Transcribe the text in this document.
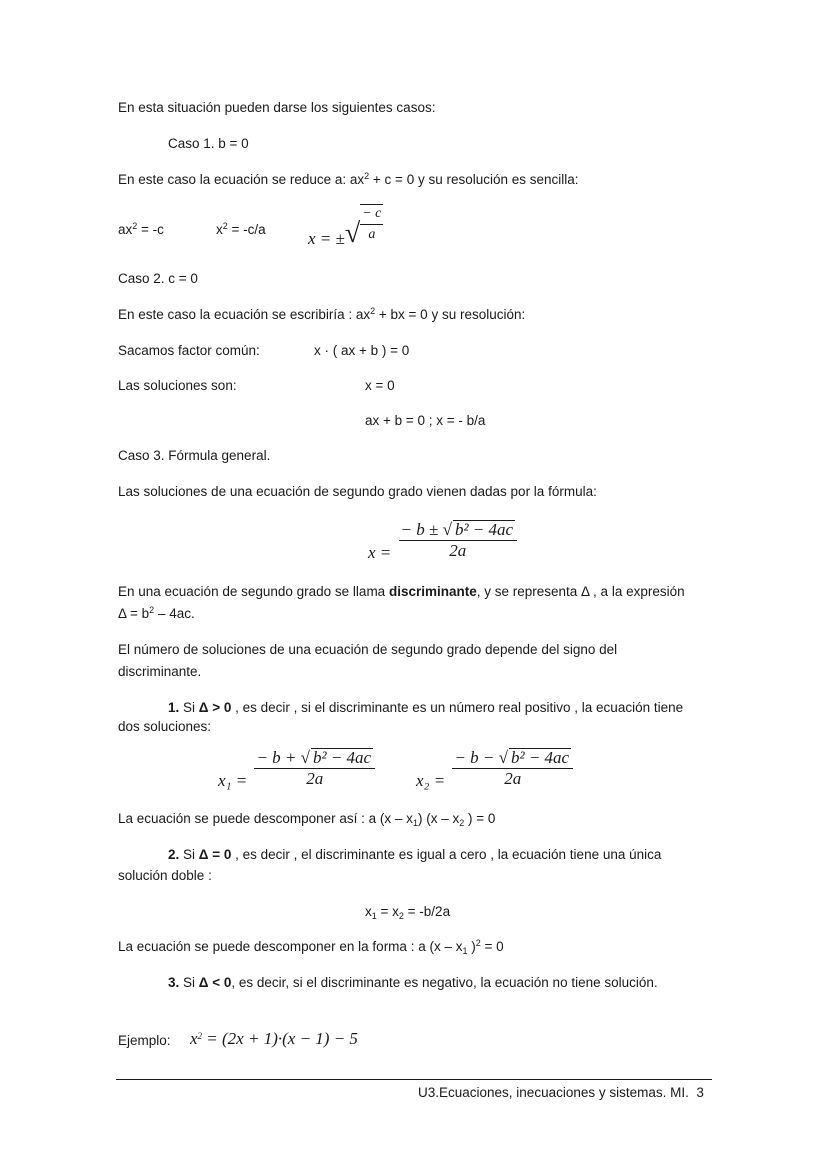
En esta situación pueden darse los siguientes casos:
Caso 1. b = 0
En este caso la ecuación se reduce a: $ax^2 + c = 0$ y su resolución es sencilla:
$ax^2 = -c$	$x^2 = -c/a$ x = ±√ $\frac{- c}{a}$
Caso 2. c = 0
En este caso la ecuación se escribiría : $ax^2$ + bx = 0 y su resolución:
Sacamos factor común:	x · ( ax + b ) = 0
Las soluciones son:	x = 0
ax + b = 0 ; x = - b/a
Caso 3. Fórmula general.
Las soluciones de una ecuación de segundo grado vienen dadas por la fórmula:
$x = \frac{\text{− b ± √ b² − 4ac}}{2a}$
En una ecuación de segundo grado se llama discriminante, y se representa Δ , a la expresión
$\Delta = b^2 - 4ac$.
El número de soluciones de una ecuación de segundo grado depende del signo del
discriminante.
1. Si Δ > 0 , es decir , si el discriminante es un número real positivo , la ecuación tiene
dos soluciones:
$x_1 = \frac{\text{− b + √ b² − 4ac}}{2a} x_2 = \frac{\text{− b − √ b² − 4ac}}{2a}$
La ecuación se puede descomponer así : a $(x - x_1)$ ($x - x_2$ ) = 0
2. Si Δ = 0 , es decir , el discriminante es igual a cero , la ecuación tiene una única
solución doble :
$x_1 = x_2 = -b/2a$
La ecuación se puede descomponer en la forma : a ($x - x_1$ )$^2$ = 0
3. Si Δ < 0, es decir, si el discriminante es negativo, la ecuación no tiene solución.
Ejemplo: $x^2 = (2x + 1)\cdot(x - 1) - 5$
U3.Ecuaciones, inecuaciones y sistemas. MI. 3
